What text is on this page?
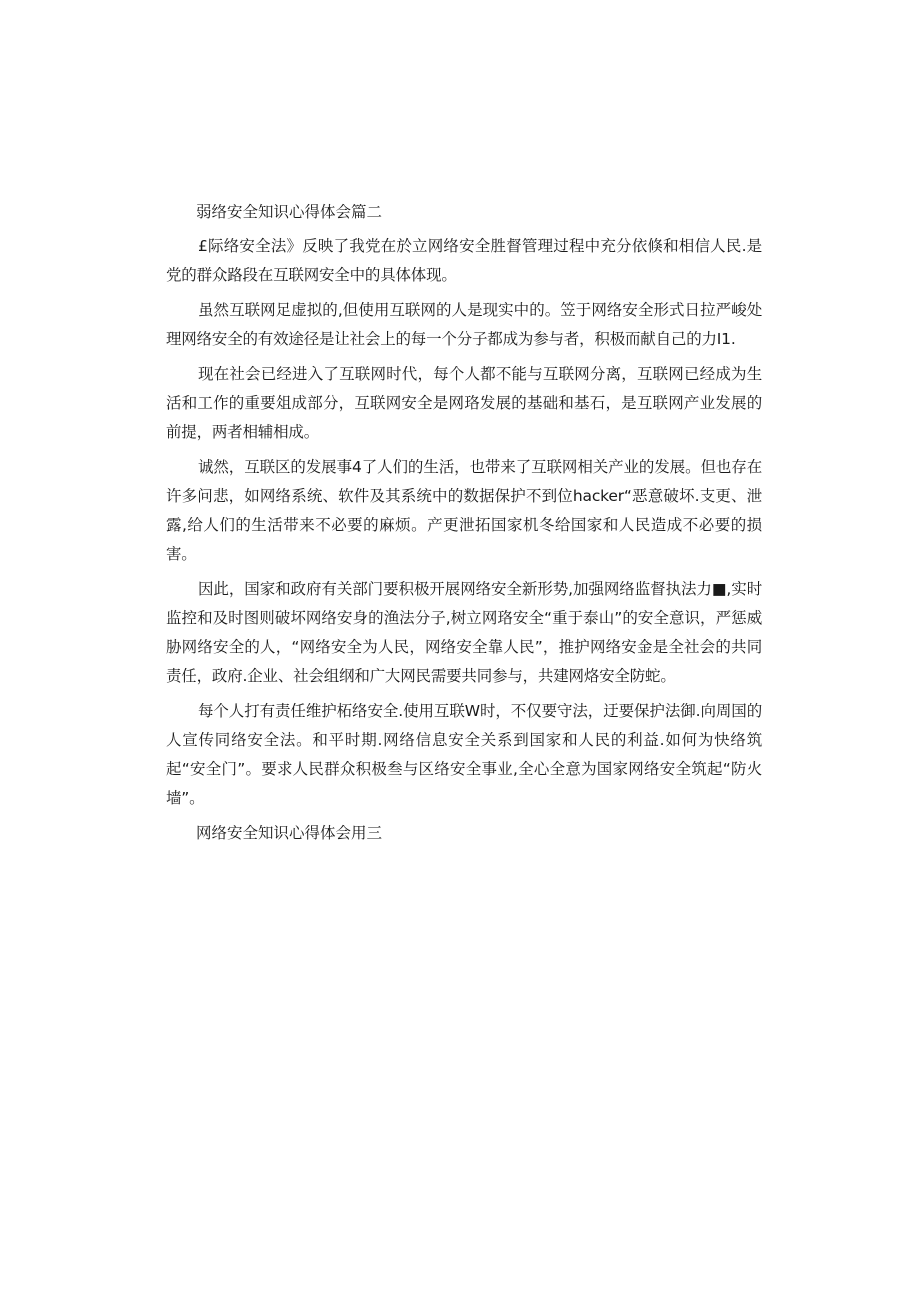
弱络安全知识心得体会篇二

£际络安全法》反映了我党在於立网络安全胜督管理过程中充分依倏和相信人民.是党的群众路段在互联网安全中的具体体现。

虽然互联网足虚拟的,但使用互联网的人是现实中的。笠于网络安全形式日拉严峻处理网络安全的有效途径是让社会上的每一个分子都成为参与者，积极而献自己的力I1.

现在社会已经进入了互联网时代，每个人都不能与互联网分离，互联网已经成为生活和工作的重要俎成部分，互联网安全是网珞发展的基础和基石，是互联网产业发展的前提，两者相辅相成。

诚然，互联区的发展事4了人们的生活，也带来了互联网相关产业的发展。但也存在许多问悲，如网络系统、软件及其系统中的数据保护不到位hacker“恶意破坏.支更、泄露,给人们的生活带来不必要的麻烦。产更泄拓国家机冬给国家和人民造成不必要的损害。

因此，国家和政府有关部门要积极开展网络安全新形势,加强网络监督执法力■,实时监控和及时图则破坏网络安身的渔法分子,树立网珞安全“重于泰山”的安全意识，严惩威胁网络安全的人，“网络安全为人民，网络安全靠人民”，推护网络安金是全社会的共同责任，政府.企业、社会组纲和广大网民需要共同参与，共建网烙安全防蛇。

每个人打有责任维护柘络安全.使用互联W时，不仅要守法，迂要保护法御.向周国的人宣传同络安全法。和平时期.网络信息安全关系到国家和人民的利益.如何为快络筑起“安全门”。要求人民群众积极叁与区络安全事业,全心全意为国家网络安全筑起“防火墙”。

网络安全知识心得体会用三
